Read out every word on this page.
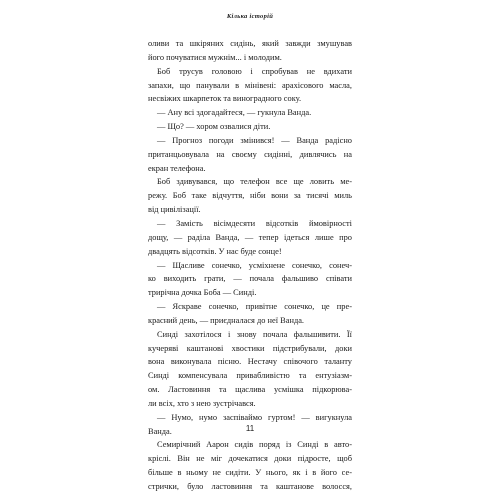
Кілька історій
оливи та шкіряних сидінь, який завжди змушував
його почуватися мужнім... і молодим.
Боб трусув головою і спробував не вдихати
запахи, що панували в мінівені: арахісового масла,
несвіжих шкарпеток та виноградного соку.
— Ану всі здогадайтеся, — гукнула Ванда.
— Що? — хором озвалися діти.
— Прогноз погоди змінився! — Ванда радісно
пританцьовувала на своєму сидінні, дивлячись на
екран телефона.
Боб здивувався, що телефон все ще ловить ме-
режу. Боб таке відчуття, ніби вони за тисячі миль
від цивілізації.
— Замість вісімдесяти відсотків ймовірності
дощу, — раділа Ванда, — тепер ідеться лише про
двадцять відсотків. У нас буде сонце!
— Щасливе сонечко, усміхнене сонечко, сонеч-
ко виходить грати, — почала фальшиво співати
трирічна дочка Боба — Синді.
— Яскраве сонечко, привітне сонечко, це пре-
красний день, — приєдналася до неї Ванда.
Синді захотілося і знову почала фальшивити. Її
кучеряві каштанові хвостики підстрибували, доки
вона виконувала пісню. Нестачу співочого таланту
Синді компенсувала привабливістю та ентузіазм-
ом. Ластовиння та щаслива усмішка підкорюва-
ли всіх, хто з нею зустрічався.
— Нумо, нумо заспіваймо гуртом! — вигукнула
Ванда.
Семирічний Аарон сидів поряд із Синді в авто-
кріслі. Він не міг дочекатися доки підросте, щоб
більше в ньому не сидіти. У нього, як і в його се-
стрички, було ластовиння та каштанове волосся,
11
